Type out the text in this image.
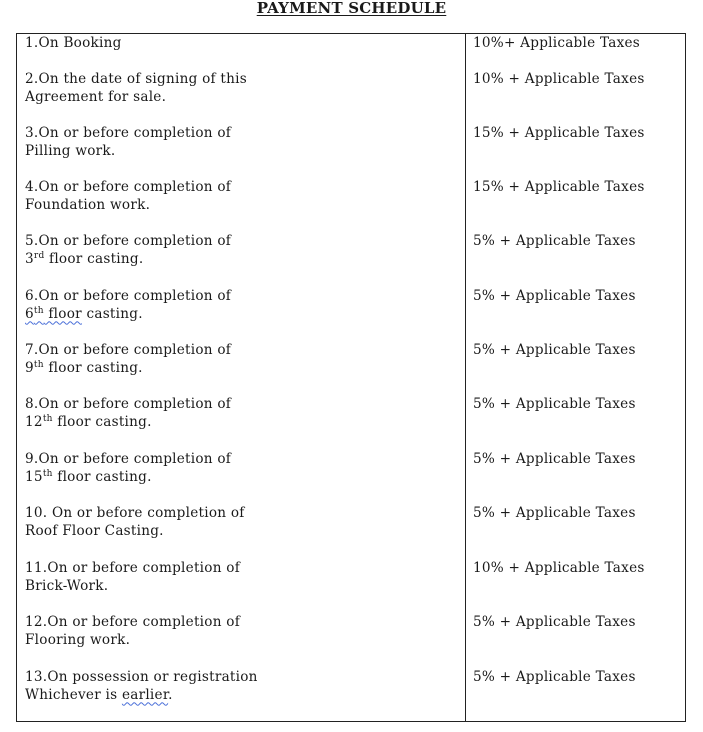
PAYMENT SCHEDULE
1.On Booking	10%+ Applicable Taxes
2.On the date of signing of this
Agreement for sale.
10% + Applicable Taxes
3.On or before completion of
Pilling work.
15% + Applicable Taxes
4.On or before completion of
Foundation work.
15% + Applicable Taxes
5.On or before completion of
3rd floor casting.
5% + Applicable Taxes
6.On or before completion of
6th floor casting.
5% + Applicable Taxes
7.On or before completion of
9th floor casting.
5% + Applicable Taxes
8.On or before completion of
12th floor casting.
5% + Applicable Taxes
9.On or before completion of
15th floor casting.
5% + Applicable Taxes
10. On or before completion of
Roof Floor Casting.
5% + Applicable Taxes
11.On or before completion of
Brick-Work.
10% + Applicable Taxes
12.On or before completion of
Flooring work.
5% + Applicable Taxes
13.On possession or registration
Whichever is earlier.
5% + Applicable Taxes
